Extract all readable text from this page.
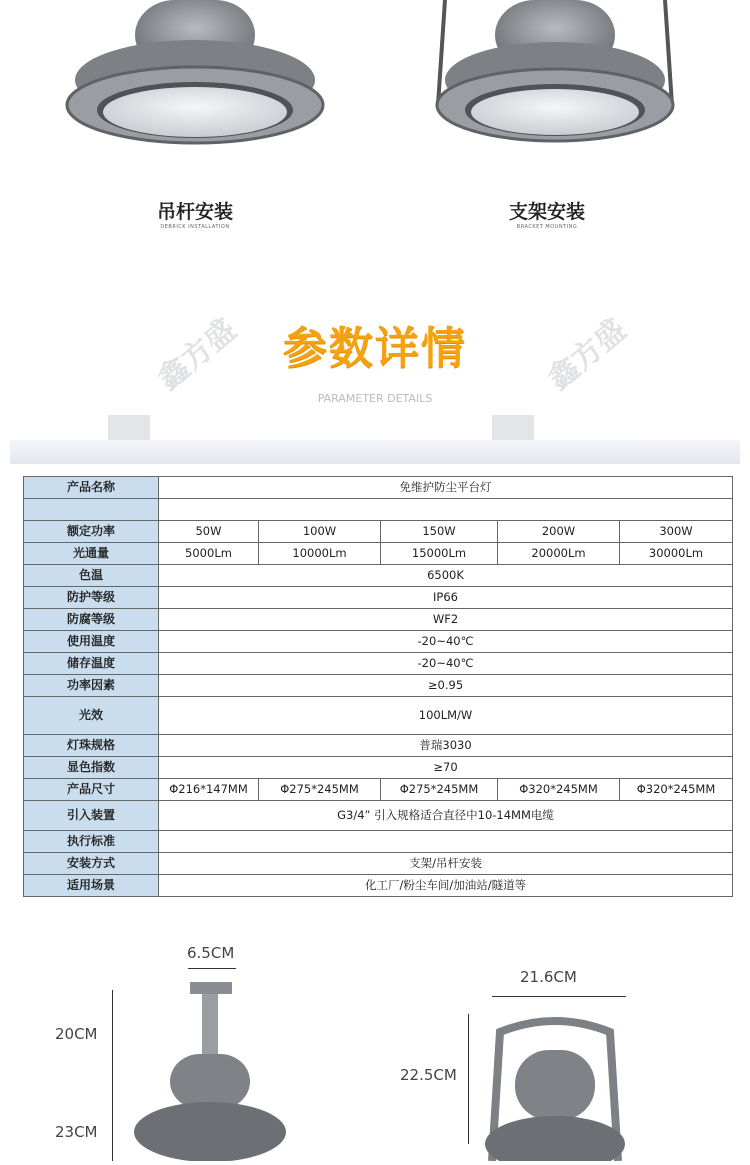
吊杆安装
DEBRICK INSTALLATION
支架安装
BRACKET MOUNTING
鑫方盛	鑫方盛
参数详情
PARAMETER DETAILS
产品名称	免维护防尘平台灯				

额定功率	50W	100W	150W	200W	300W
光通量	5000Lm	10000Lm	15000Lm	20000Lm	30000Lm
色温	6500K				
防护等级	IP66				
防腐等级	WF2				
使用温度	-20~40℃				
储存温度	-20~40℃				
功率因素	≥0.95				
光效	100LM/W				
灯珠规格	普瑞3030				
显色指数	≥70				
产品尺寸	Φ216*147MM	Φ275*245MM	Φ275*245MM	Φ320*245MM	Φ320*245MM
引入装置	G3/4” 引入规格适合直径中10-14MM电缆				
执行标准					
安装方式	支架/吊杆安装				
适用场景	化工厂/粉尘车间/加油站/隧道等				
6.5CM
20CM
23CM
21.6CM
22.5CM
